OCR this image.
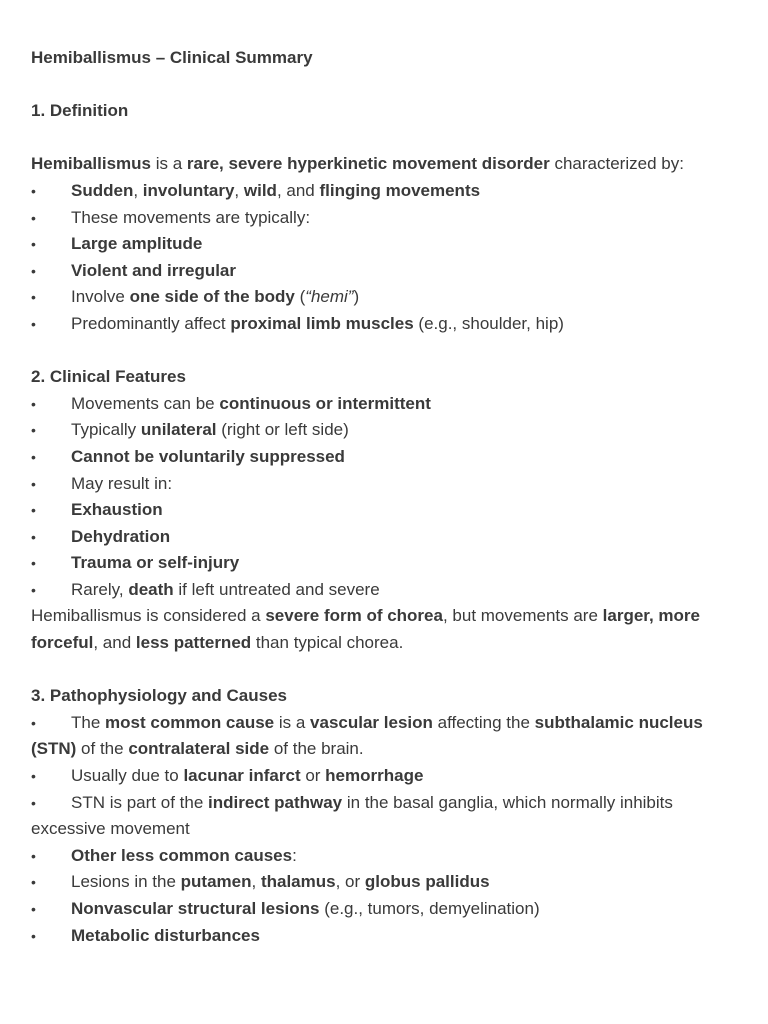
Hemiballismus – Clinical Summary
1. Definition
Hemiballismus is a rare, severe hyperkinetic movement disorder characterized by:
•	Sudden, involuntary, wild, and flinging movements
•	These movements are typically:
•	Large amplitude
•	Violent and irregular
•	Involve one side of the body (“hemi”)
•	Predominantly affect proximal limb muscles (e.g., shoulder, hip)
2. Clinical Features
•	Movements can be continuous or intermittent
•	Typically unilateral (right or left side)
•	Cannot be voluntarily suppressed
•	May result in:
•	Exhaustion
•	Dehydration
•	Trauma or self-injury
•	Rarely, death if left untreated and severe
Hemiballismus is considered a severe form of chorea, but movements are larger, more forceful, and less patterned than typical chorea.
3. Pathophysiology and Causes
• The most common cause is a vascular lesion affecting the subthalamic nucleus (STN) of the contralateral side of the brain.
•	Usually due to lacunar infarct or hemorrhage
• STN is part of the indirect pathway in the basal ganglia, which normally inhibits excessive movement
•	Other less common causes:
•	Lesions in the putamen, thalamus, or globus pallidus
•	Nonvascular structural lesions (e.g., tumors, demyelination)
•	Metabolic disturbances
